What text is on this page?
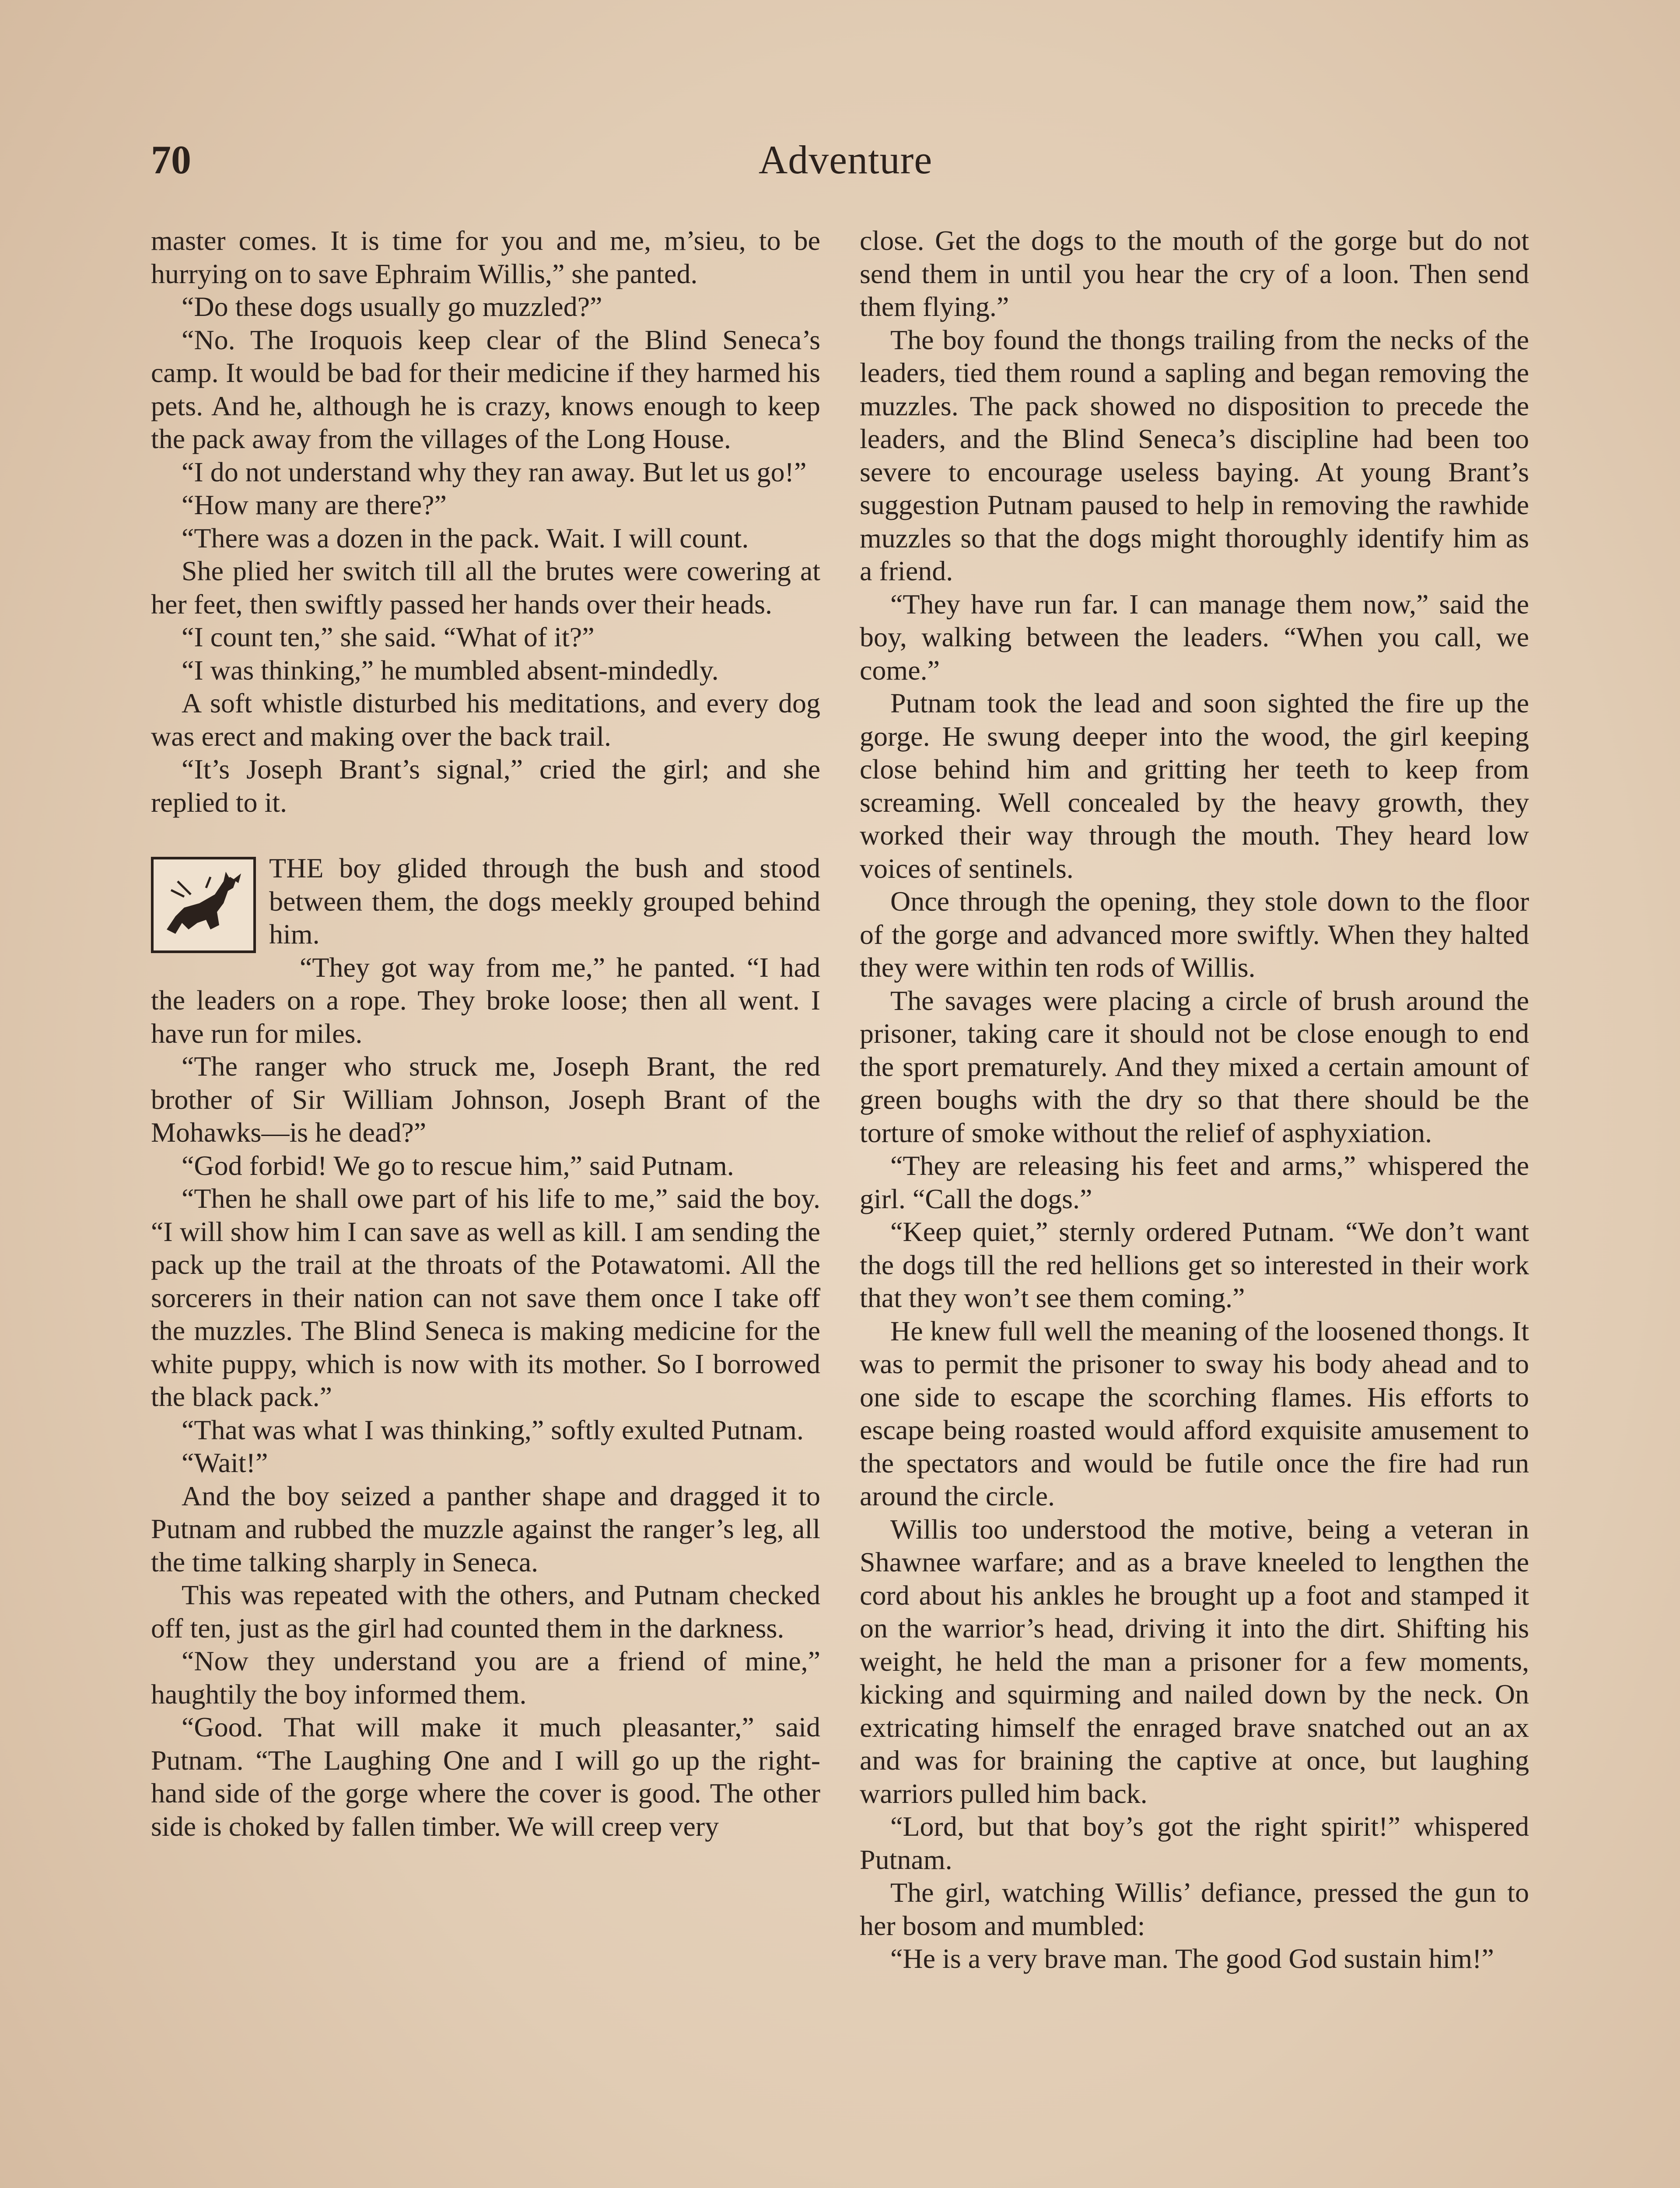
70	Adventure

master comes. It is time for you and me, m’sieu, to be hurrying on to save Ephraim Willis,” she panted.

“Do these dogs usually go muzzled?”

“No. The Iroquois keep clear of the Blind Seneca’s camp. It would be bad for their medicine if they harmed his pets. And he, although he is crazy, knows enough to keep the pack away from the villages of the Long House.

“I do not understand why they ran away. But let us go!”

“How many are there?”

“There was a dozen in the pack. Wait. I will count.

She plied her switch till all the brutes were cowering at her feet, then swiftly passed her hands over their heads.

“I count ten,” she said. “What of it?”

“I was thinking,” he mumbled absent-mindedly.

A soft whistle disturbed his meditations, and every dog was erect and making over the back trail.

“It’s Joseph Brant’s signal,” cried the girl; and she replied to it.

THE boy glided through the bush and stood between them, the dogs meekly grouped behind him.

“They got way from me,” he panted. “I had the leaders on a rope. They broke loose; then all went. I have run for miles.

“The ranger who struck me, Joseph Brant, the red brother of Sir William Johnson, Joseph Brant of the Mohawks—is he dead?”

“God forbid! We go to rescue him,” said Putnam.

“Then he shall owe part of his life to me,” said the boy. “I will show him I can save as well as kill. I am sending the pack up the trail at the throats of the Potawatomi. All the sorcerers in their nation can not save them once I take off the muzzles. The Blind Seneca is making medicine for the white puppy, which is now with its mother. So I borrowed the black pack.”

“That was what I was thinking,” softly exulted Putnam.

“Wait!”

And the boy seized a panther shape and dragged it to Putnam and rubbed the muzzle against the ranger’s leg, all the time talking sharply in Seneca.

This was repeated with the others, and Putnam checked off ten, just as the girl had counted them in the darkness.

“Now they understand you are a friend of mine,” haughtily the boy informed them.

“Good. That will make it much pleasanter,” said Putnam. “The Laughing One and I will go up the right-hand side of the gorge where the cover is good. The other side is choked by fallen timber. We will creep very

close. Get the dogs to the mouth of the gorge but do not send them in until you hear the cry of a loon. Then send them flying.”

The boy found the thongs trailing from the necks of the leaders, tied them round a sapling and began removing the muzzles. The pack showed no disposition to precede the leaders, and the Blind Seneca’s discipline had been too severe to encourage useless baying. At young Brant’s suggestion Putnam paused to help in removing the rawhide muzzles so that the dogs might thoroughly identify him as a friend.

“They have run far. I can manage them now,” said the boy, walking between the leaders. “When you call, we come.”

Putnam took the lead and soon sighted the fire up the gorge. He swung deeper into the wood, the girl keeping close behind him and gritting her teeth to keep from screaming. Well concealed by the heavy growth, they worked their way through the mouth. They heard low voices of sentinels.

Once through the opening, they stole down to the floor of the gorge and advanced more swiftly. When they halted they were within ten rods of Willis.

The savages were placing a circle of brush around the prisoner, taking care it should not be close enough to end the sport prematurely. And they mixed a certain amount of green boughs with the dry so that there should be the torture of smoke without the relief of asphyxiation.

“They are releasing his feet and arms,” whispered the girl. “Call the dogs.”

“Keep quiet,” sternly ordered Putnam. “We don’t want the dogs till the red hellions get so interested in their work that they won’t see them coming.”

He knew full well the meaning of the loosened thongs. It was to permit the prisoner to sway his body ahead and to one side to escape the scorching flames. His efforts to escape being roasted would afford exquisite amusement to the spectators and would be futile once the fire had run around the circle.

Willis too understood the motive, being a veteran in Shawnee warfare; and as a brave kneeled to lengthen the cord about his ankles he brought up a foot and stamped it on the warrior’s head, driving it into the dirt. Shifting his weight, he held the man a prisoner for a few moments, kicking and squirming and nailed down by the neck. On extricating himself the enraged brave snatched out an ax and was for braining the captive at once, but laughing warriors pulled him back.

“Lord, but that boy’s got the right spirit!” whispered Putnam.

The girl, watching Willis’ defiance, pressed the gun to her bosom and mumbled:

“He is a very brave man. The good God sustain him!”
